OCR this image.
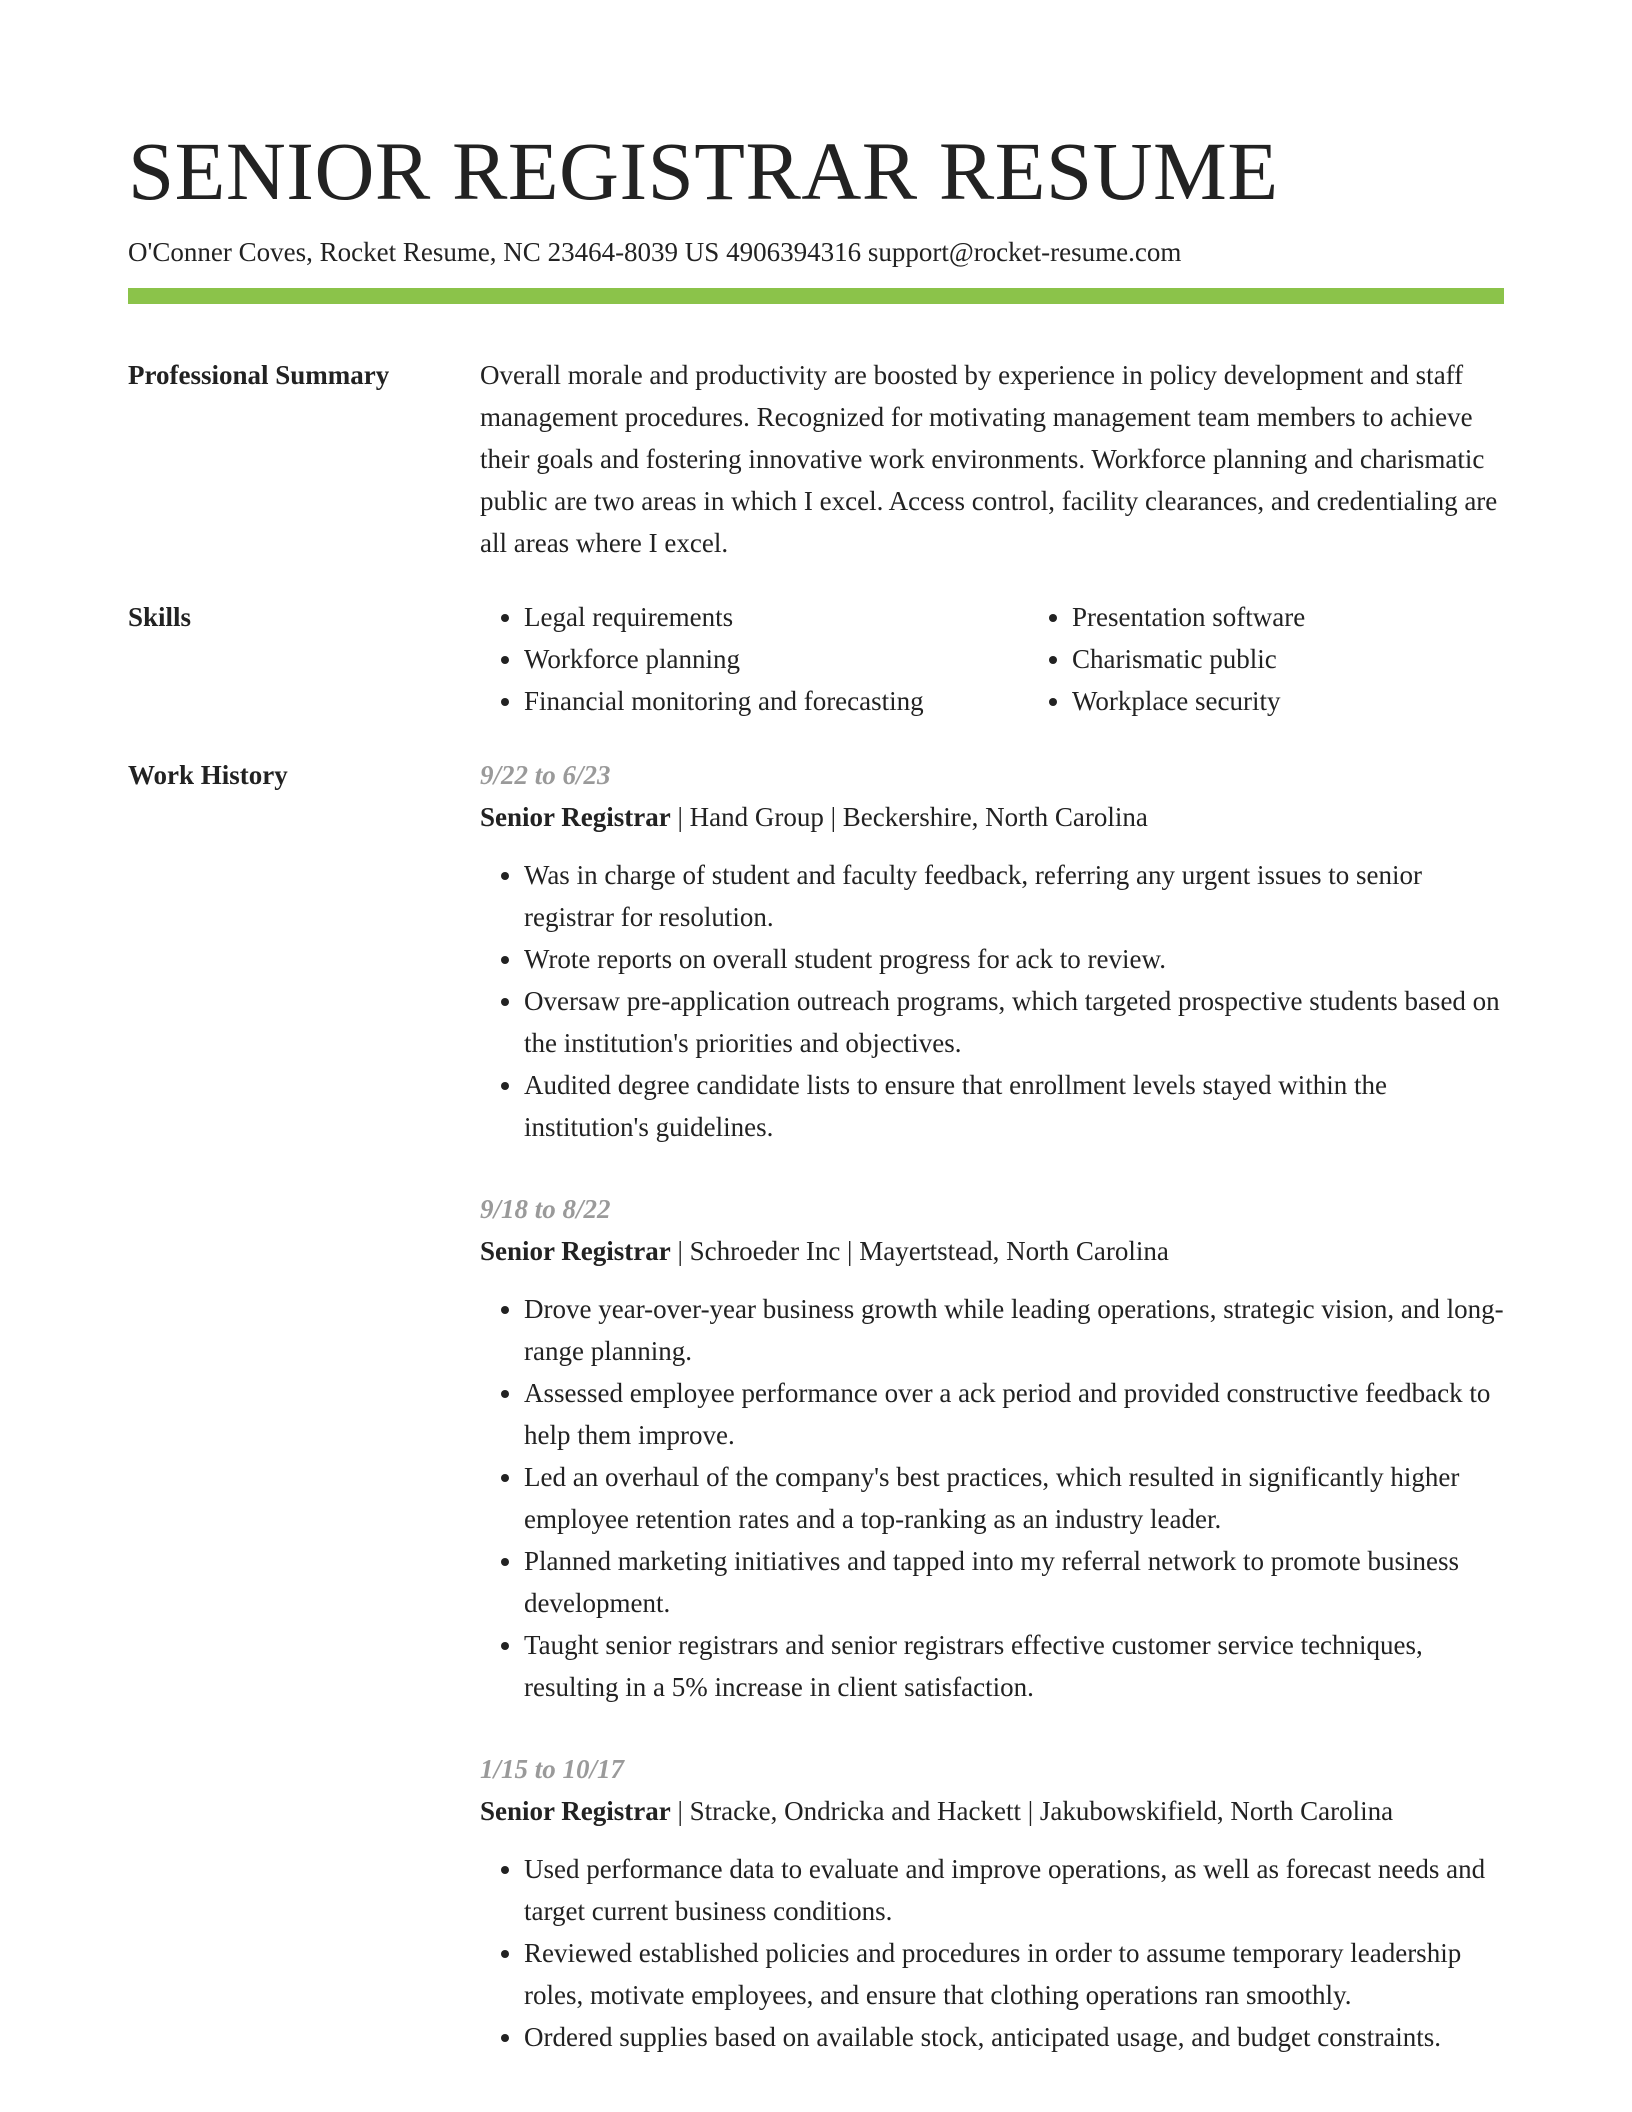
SENIOR REGISTRAR RESUME
O'Conner Coves, Rocket Resume, NC 23464-8039 US 4906394316 support@rocket-resume.com
Professional Summary	Overall morale and productivity are boosted by experience in policy development and staff management procedures. Recognized for motivating management team members to achieve their goals and fostering innovative work environments. Workforce planning and charismatic public are two areas in which I excel. Access control, facility clearances, and credentialing are all areas where I excel.

Skills
•	Legal requirements
• Workforce planning
• Financial monitoring and forecasting
• Presentation software
• Charismatic public
• Workplace security
Work History	9/22 to 6/23
Senior Registrar | Hand Group | Beckershire, North Carolina
• Was in charge of student and faculty feedback, referring any urgent issues to senior registrar for resolution.
• Wrote reports on overall student progress for ack to review.
• Oversaw pre-application outreach programs, which targeted prospective students based on the institution's priorities and objectives.
• Audited degree candidate lists to ensure that enrollment levels stayed within the institution's guidelines.
9/18 to 8/22
Senior Registrar | Schroeder Inc | Mayertstead, North Carolina
• Drove year-over-year business growth while leading operations, strategic vision, and long-range planning.
• Assessed employee performance over a ack period and provided constructive feedback to help them improve.
• Led an overhaul of the company's best practices, which resulted in significantly higher employee retention rates and a top-ranking as an industry leader.
• Planned marketing initiatives and tapped into my referral network to promote business development.
• Taught senior registrars and senior registrars effective customer service techniques, resulting in a 5% increase in client satisfaction.
1/15 to 10/17
Senior Registrar | Stracke, Ondricka and Hackett | Jakubowskifield, North Carolina
• Used performance data to evaluate and improve operations, as well as forecast needs and target current business conditions.
• Reviewed established policies and procedures in order to assume temporary leadership roles, motivate employees, and ensure that clothing operations ran smoothly.
• Ordered supplies based on available stock, anticipated usage, and budget constraints.
